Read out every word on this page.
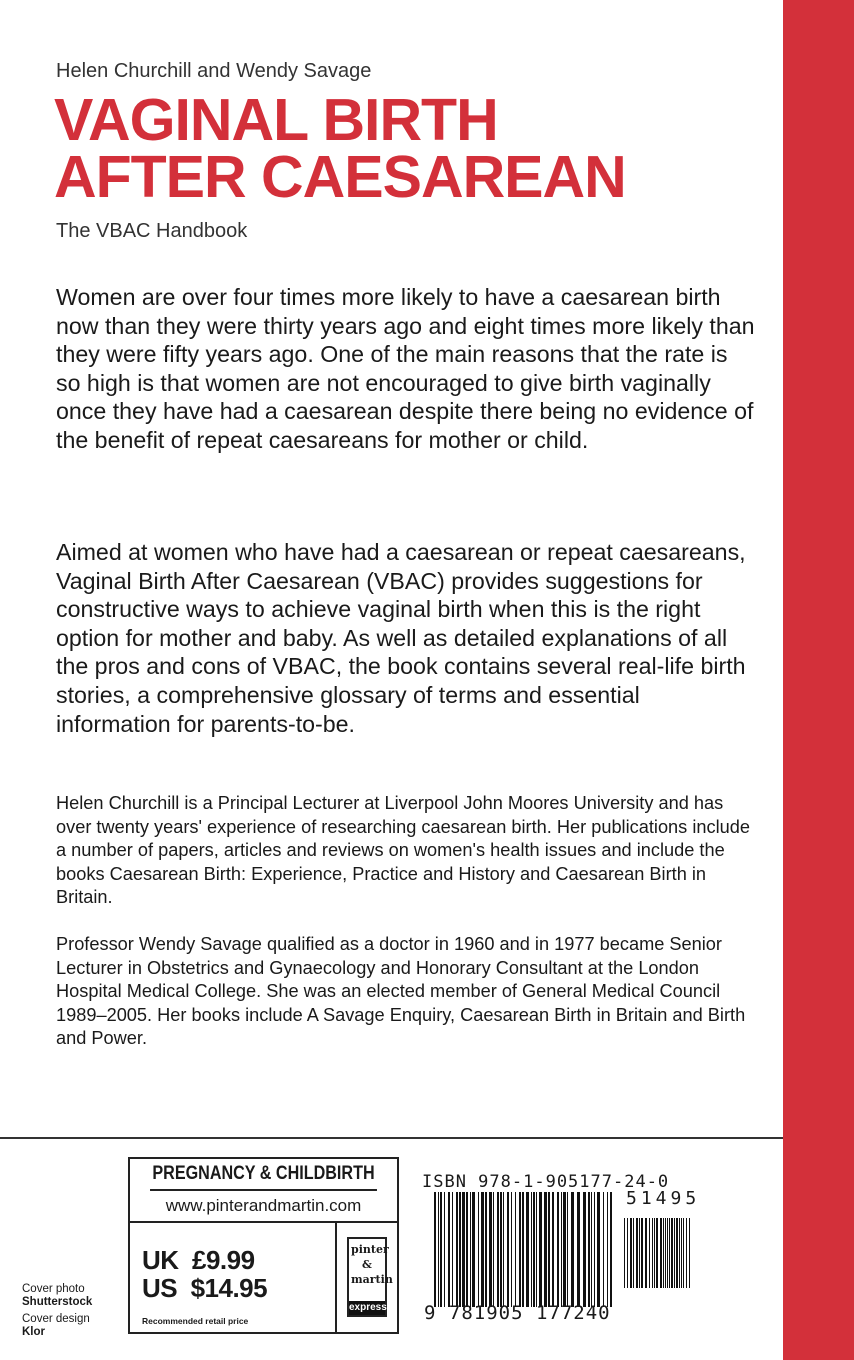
Helen Churchill and Wendy Savage
VAGINAL BIRTH
AFTER CAESAREAN
The VBAC Handbook

Women are over four times more likely to have a caesarean birth now than they were thirty years ago and eight times more likely than they were fifty years ago. One of the main reasons that the rate is so high is that women are not encouraged to give birth vaginally once they have had a caesarean despite there being no evidence of the benefit of repeat caesareans for mother or child.

Aimed at women who have had a caesarean or repeat caesareans, Vaginal Birth After Caesarean (VBAC) provides suggestions for constructive ways to achieve vaginal birth when this is the right option for mother and baby. As well as detailed explanations of all the pros and cons of VBAC, the book contains several real-life birth stories, a comprehensive glossary of terms and essential information for parents-to-be.

Helen Churchill is a Principal Lecturer at Liverpool John Moores University and has over twenty years' experience of researching caesarean birth. Her publications include a number of papers, articles and reviews on women's health issues and include the books Caesarean Birth: Experience, Practice and History and Caesarean Birth in Britain.

Professor Wendy Savage qualified as a doctor in 1960 and in 1977 became Senior Lecturer in Obstetrics and Gynaecology and Honorary Consultant at the London Hospital Medical College. She was an elected member of General Medical Council 1989–2005. Her books include A Savage Enquiry, Caesarean Birth in Britain and Birth and Power.

Cover photo
Shutterstock
Cover design
Klor
PREGNANCY & CHILDBIRTH
www.pinterandmartin.com
UK  £9.99
US  $14.95
Recommended retail price
pinter
&
martin
express
ISBN 978-1-905177-24-0
51495
9 781905 177240
